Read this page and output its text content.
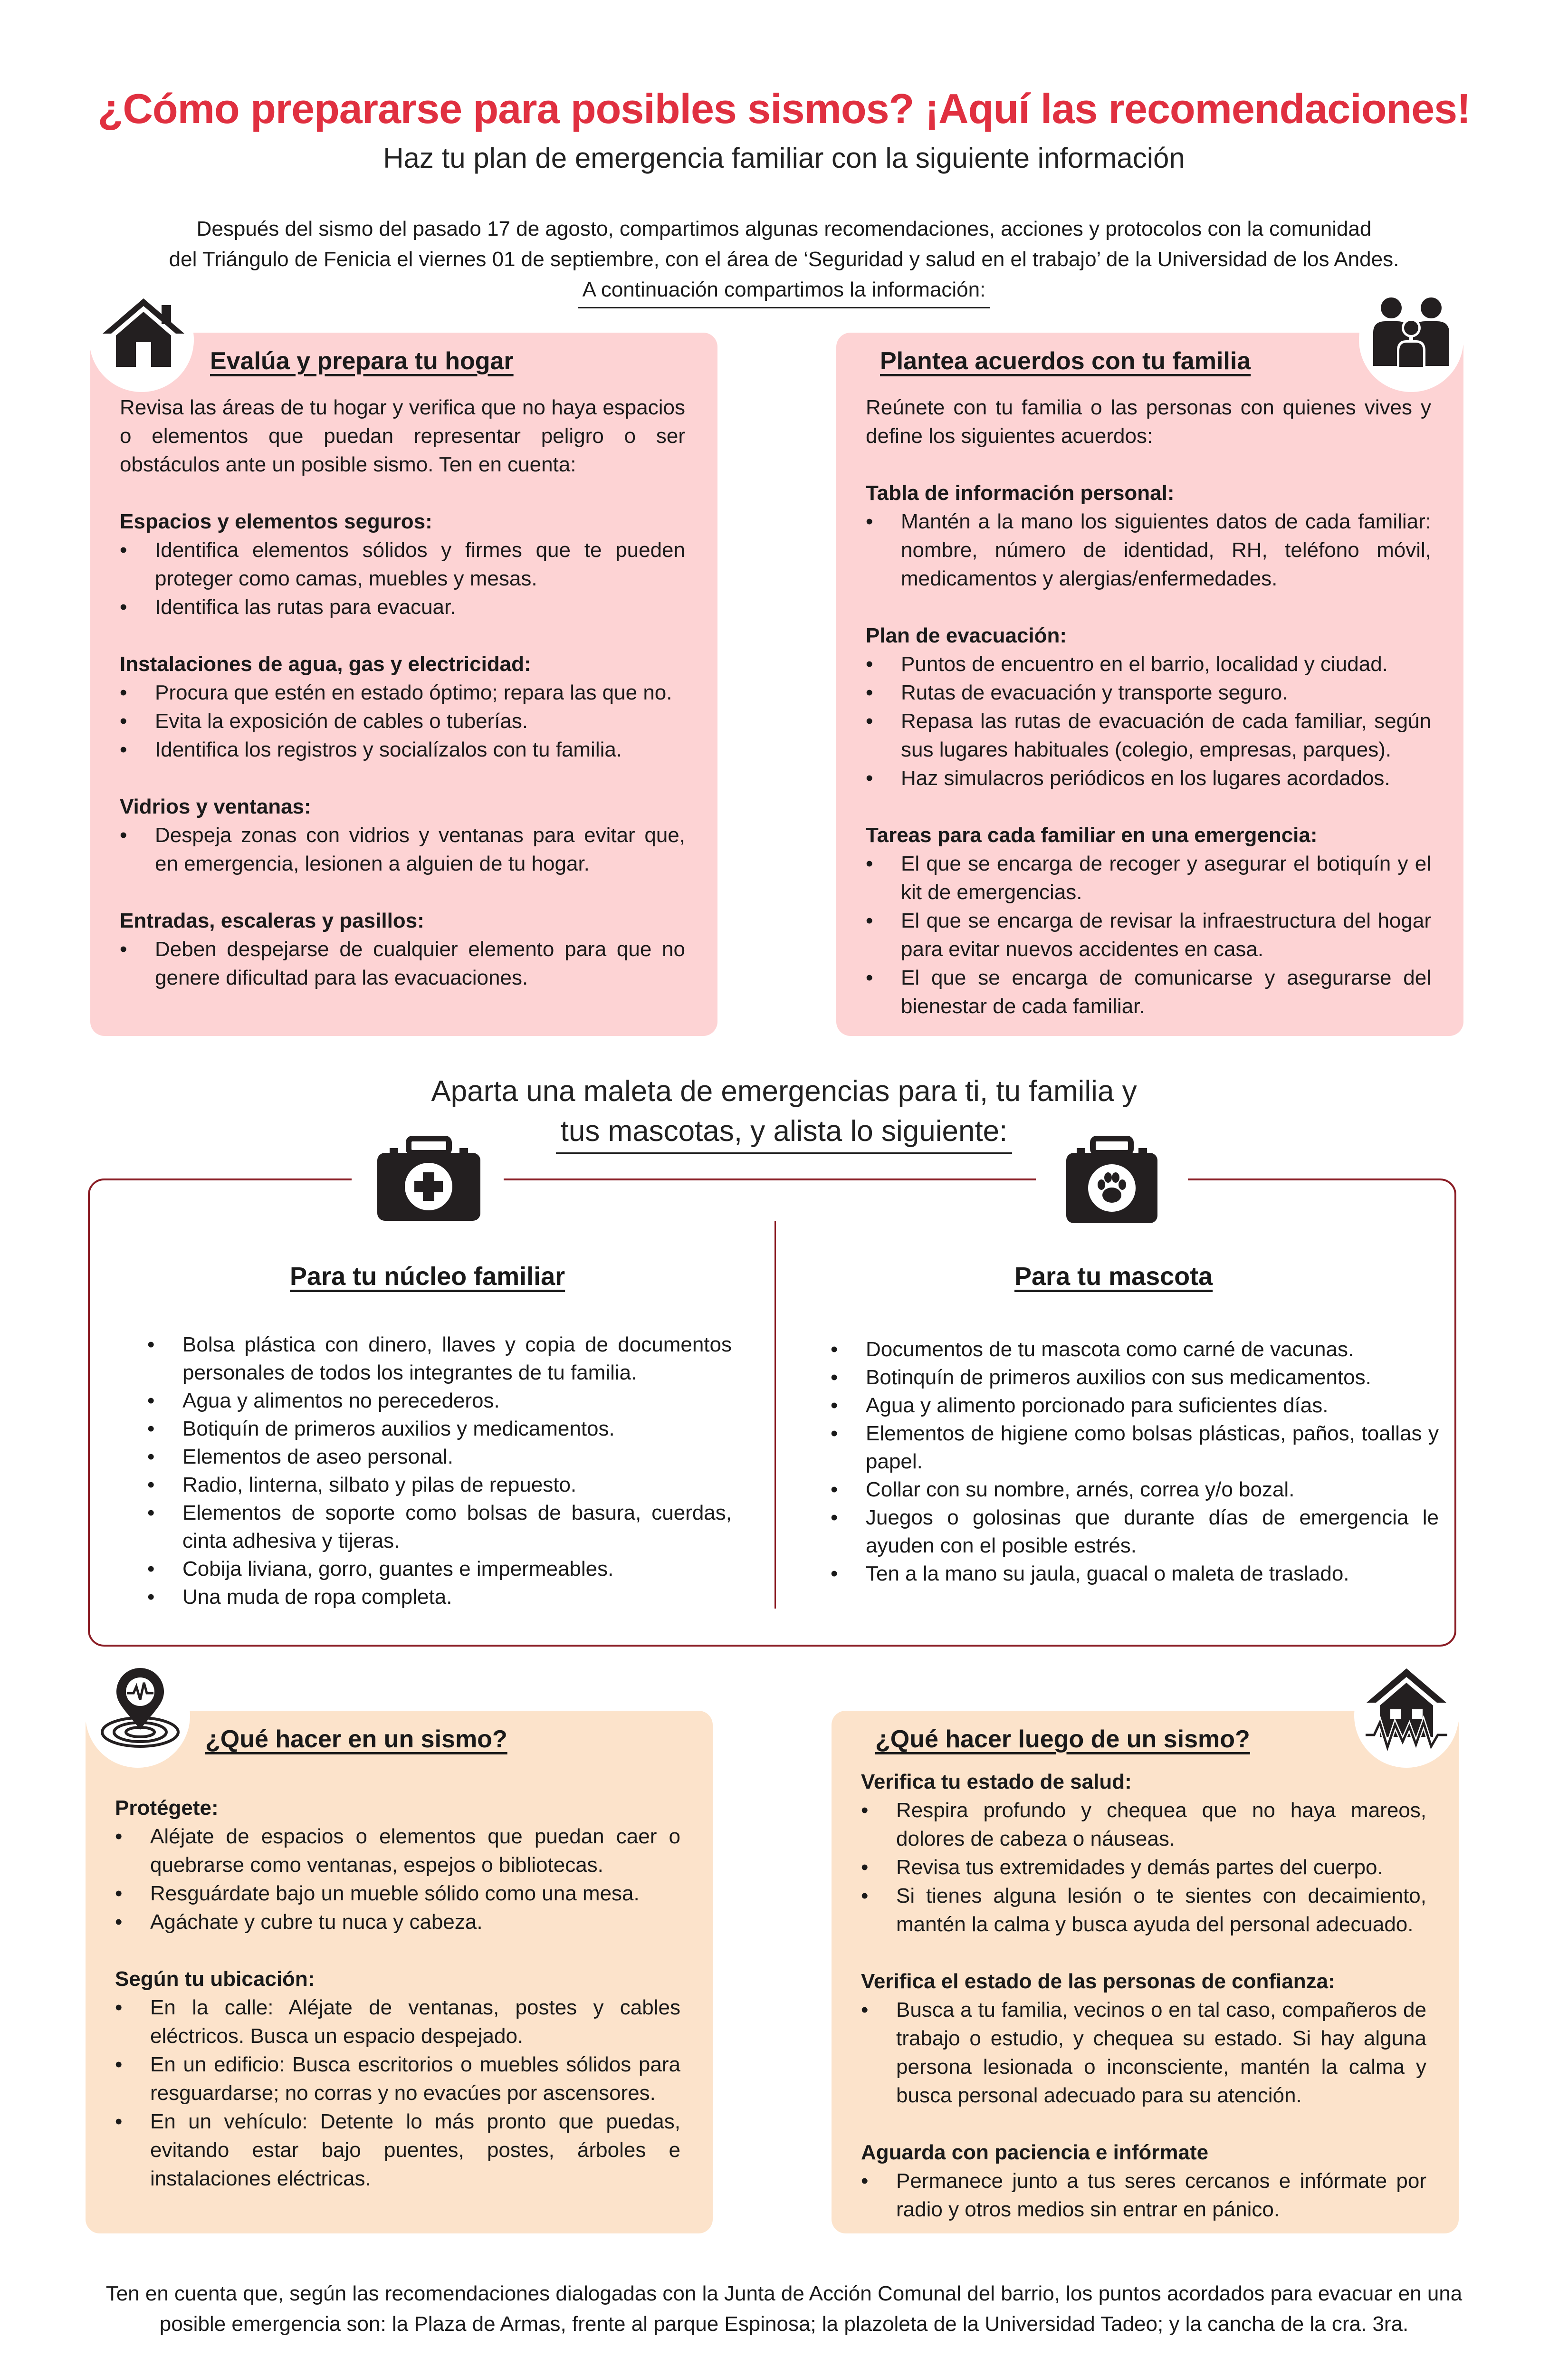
¿Cómo prepararse para posibles sismos? ¡Aquí las recomendaciones!
Haz tu plan de emergencia familiar con la siguiente información
Después del sismo del pasado 17 de agosto, compartimos algunas recomendaciones, acciones y protocolos con la comunidad
del Triángulo de Fenicia el viernes 01 de septiembre, con el área de ‘Seguridad y salud en el trabajo’ de la Universidad de los Andes.
A continuación compartimos la información:
Evalúa y prepara tu hogar
Revisa las áreas de tu hogar y verifica que no haya espacios o elementos que puedan representar peligro o ser obstáculos ante un posible sismo. Ten en cuenta:
Espacios y elementos seguros:
• Identifica elementos sólidos y firmes que te pueden proteger como camas, muebles y mesas.
• Identifica las rutas para evacuar.
Instalaciones de agua, gas y electricidad:
• Procura que estén en estado óptimo; repara las que no.
• Evita la exposición de cables o tuberías.
• Identifica los registros y socialízalos con tu familia.
Vidrios y ventanas:
• Despeja zonas con vidrios y ventanas para evitar que, en emergencia, lesionen a alguien de tu hogar.
Entradas, escaleras y pasillos:
• Deben despejarse de cualquier elemento para que no genere dificultad para las evacuaciones.
Plantea acuerdos con tu familia
Reúnete con tu familia o las personas con quienes vives y define los siguientes acuerdos:
Tabla de información personal:
• Mantén a la mano los siguientes datos de cada familiar: nombre, número de identidad, RH, teléfono móvil, medicamentos y alergias/enfermedades.
Plan de evacuación:
• Puntos de encuentro en el barrio, localidad y ciudad.
• Rutas de evacuación y transporte seguro.
• Repasa las rutas de evacuación de cada familiar, según sus lugares habituales (colegio, empresas, parques).
• Haz simulacros periódicos en los lugares acordados.
Tareas para cada familiar en una emergencia:
• El que se encarga de recoger y asegurar el botiquín y el kit de emergencias.
• El que se encarga de revisar la infraestructura del hogar para evitar nuevos accidentes en casa.
• El que se encarga de comunicarse y asegurarse del bienestar de cada familiar.
Aparta una maleta de emergencias para ti, tu familia y
tus mascotas, y alista lo siguiente:
Para tu núcleo familiar
• Bolsa plástica con dinero, llaves y copia de documentos personales de todos los integrantes de tu familia.
• Agua y alimentos no perecederos.
• Botiquín de primeros auxilios y medicamentos.
• Elementos de aseo personal.
• Radio, linterna, silbato y pilas de repuesto.
• Elementos de soporte como bolsas de basura, cuerdas, cinta adhesiva y tijeras.
• Cobija liviana, gorro, guantes e impermeables.
• Una muda de ropa completa.
Para tu mascota
• Documentos de tu mascota como carné de vacunas.
• Botinquín de primeros auxilios con sus medicamentos.
• Agua y alimento porcionado para suficientes días.
• Elementos de higiene como bolsas plásticas, paños, toallas y papel.
• Collar con su nombre, arnés, correa y/o bozal.
• Juegos o golosinas que durante días de emergencia le ayuden con el posible estrés.
• Ten a la mano su jaula, guacal o maleta de traslado.
¿Qué hacer en un sismo?
Protégete:
• Aléjate de espacios o elementos que puedan caer o quebrarse como ventanas, espejos o bibliotecas.
• Resguárdate bajo un mueble sólido como una mesa.
• Agáchate y cubre tu nuca y cabeza.
Según tu ubicación:
• En la calle: Aléjate de ventanas, postes y cables eléctricos. Busca un espacio despejado.
• En un edificio: Busca escritorios o muebles sólidos para resguardarse; no corras y no evacúes por ascensores.
• En un vehículo: Detente lo más pronto que puedas, evitando estar bajo puentes, postes, árboles e instalaciones eléctricas.
¿Qué hacer luego de un sismo?
Verifica tu estado de salud:
• Respira profundo y chequea que no haya mareos, dolores de cabeza o náuseas.
• Revisa tus extremidades y demás partes del cuerpo.
• Si tienes alguna lesión o te sientes con decaimiento, mantén la calma y busca ayuda del personal adecuado.
Verifica el estado de las personas de confianza:
• Busca a tu familia, vecinos o en tal caso, compañeros de trabajo o estudio, y chequea su estado. Si hay alguna persona lesionada o inconsciente, mantén la calma y busca personal adecuado para su atención.
Aguarda con paciencia e infórmate
• Permanece junto a tus seres cercanos e infórmate por radio y otros medios sin entrar en pánico.
Ten en cuenta que, según las recomendaciones dialogadas con la Junta de Acción Comunal del barrio, los puntos acordados para evacuar en una posible emergencia son: la Plaza de Armas, frente al parque Espinosa; la plazoleta de la Universidad Tadeo; y la cancha de la cra. 3ra.
